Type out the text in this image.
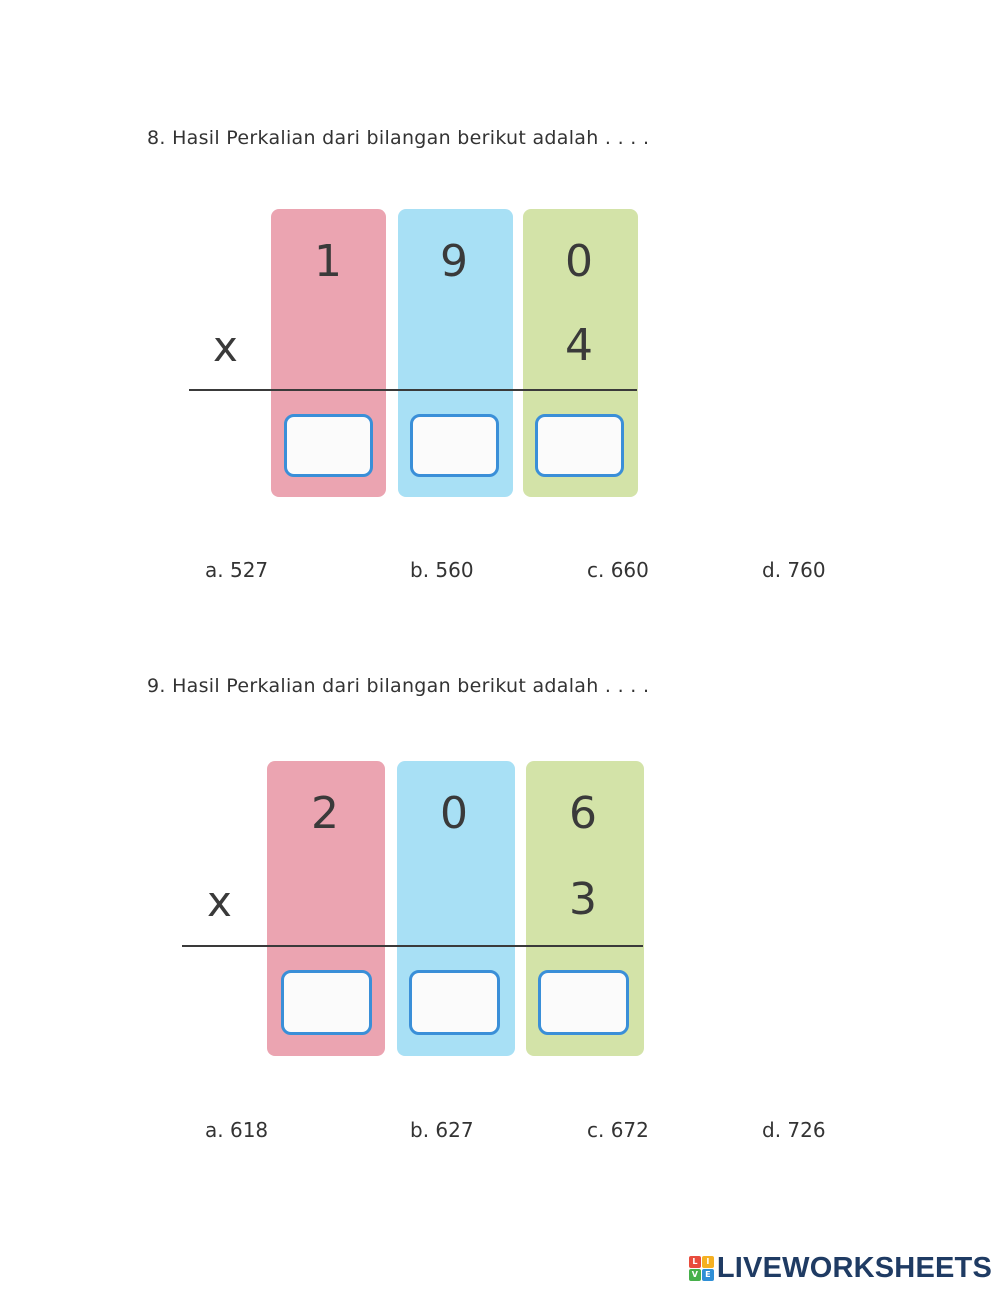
8. Hasil Perkalian dari bilangan berikut adalah . . . .
1 9 0
x	4
a. 527	b. 560	c. 660	d. 760
9. Hasil Perkalian dari bilangan berikut adalah . . . .
2 0 6
x	3
a. 618	b. 627	c. 672	d. 726
L	I
V E LIVEWORKSHEETS
